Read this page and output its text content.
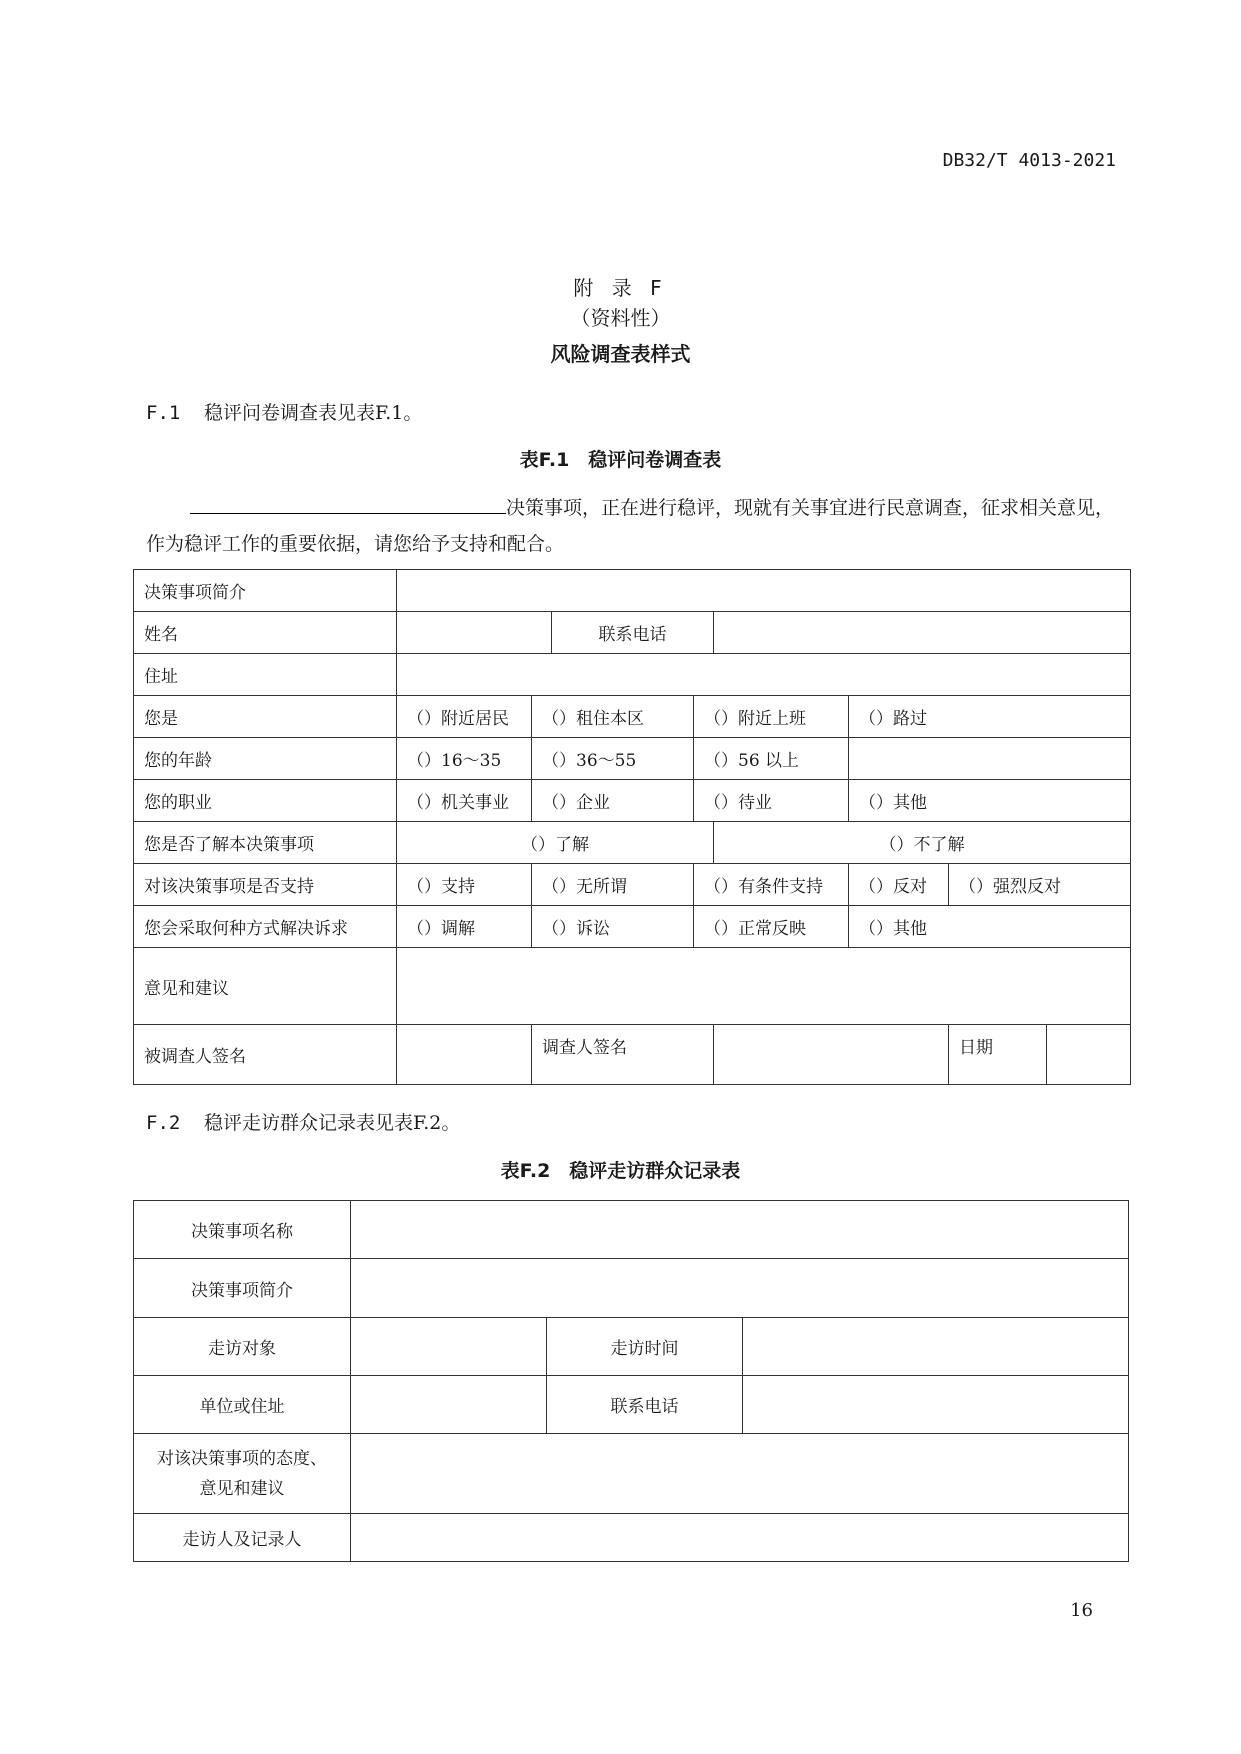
DB32/T 4013-2021
附 录 F
（资料性）
风险调查表样式
F.1 稳评问卷调查表见表F.1。
表F.1　稳评问卷调查表
决策事项，正在进行稳评，现就有关事宜进行民意调查，征求相关意见，作为稳评工作的重要依据，请您给予支持和配合。
决策事项简介								
姓名			联系电话					
住址								
您是	（）附近居民	（）租住本区		（）附近上班		（）路过		
您的年龄	（）16～35	（）36～55		（）56 以上				
您的职业	（）机关事业	（）企业		（）待业		（）其他		
您是否了解本决策事项	（）了解				（）不了解			
对该决策事项是否支持	（）支持	（）无所谓		（）有条件支持		（）反对	（）强烈反对	
您会采取何种方式解决诉求	（）调解	（）诉讼		（）正常反映		（）其他		
意见和建议								
被调查人签名		调查人签名					日期	
F.2 稳评走访群众记录表见表F.2。
表F.2　稳评走访群众记录表
决策事项名称			
决策事项简介			
走访对象		走访时间	
单位或住址		联系电话	

对该决策事项的态度、
意见和建议			

走访人及记录人			
16
